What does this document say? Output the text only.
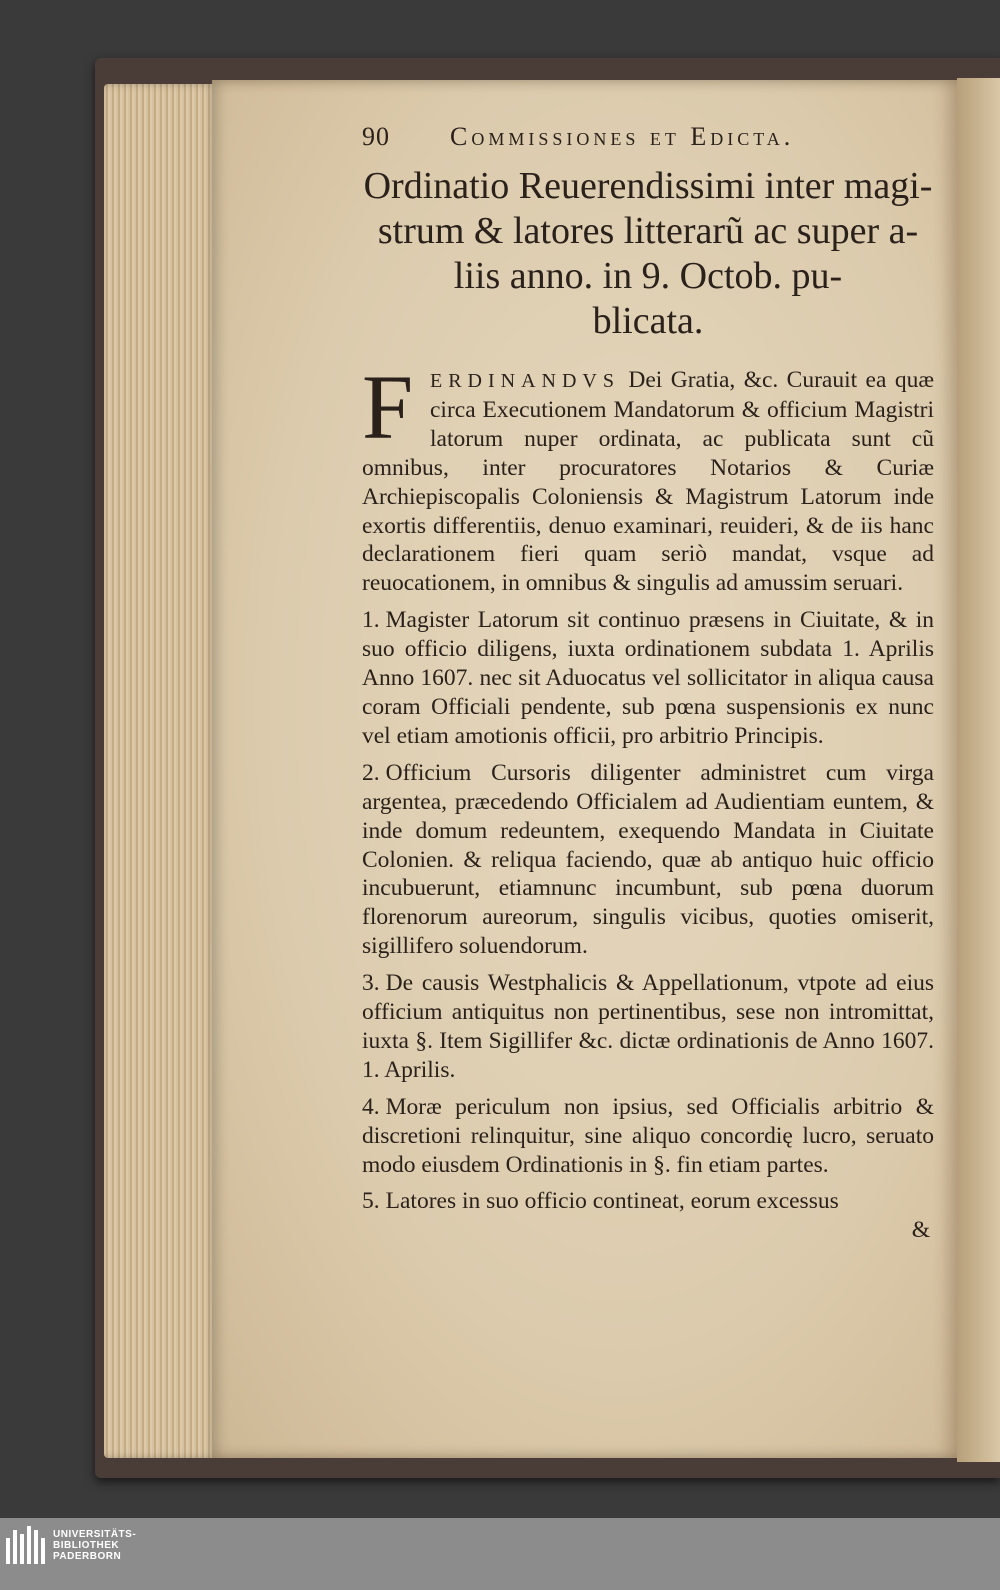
90	Commissiones et Edicta.
Ordinatio Reuerendissimi inter magi-
strum & latores litterarũ ac super a-
liis anno. in 9. Octob. pu-
blicata.

FERDINANDVS Dei Gratia, &c. Curauit ea quæ circa Executionem Mandatorum & officium Magistri latorum nuper ordinata, ac publicata sunt cũ omnibus, inter procuratores Notarios & Curiæ Archiepiscopalis Coloniensis & Magistrum Latorum inde exortis differentiis, denuo examinari, reuideri, & de iis hanc declarationem fieri quam seriò mandat, vsque ad reuocationem, in omnibus & singulis ad amussim seruari.

1. Magister Latorum sit continuo præsens in Ciuitate, & in suo officio diligens, iuxta ordinationem subdata 1. Aprilis Anno 1607. nec sit Aduocatus vel sollicitator in aliqua causa coram Officiali pendente, sub pœna suspensionis ex nunc vel etiam amotionis officii, pro arbitrio Principis.

2. Officium Cursoris diligenter administret cum virga argentea, præcedendo Officialem ad Audientiam euntem, & inde domum redeuntem, exequendo Mandata in Ciuitate Colonien. & reliqua faciendo, quæ ab antiquo huic officio incubuerunt, etiamnunc incumbunt, sub pœna duorum florenorum aureorum, singulis vicibus, quoties omiserit, sigillifero soluendorum.

3. De causis Westphalicis & Appellationum, vtpote ad eius officium antiquitus non pertinentibus, sese non intromittat, iuxta §. Item Sigillifer &c. dictæ ordinationis de Anno 1607. 1. Aprilis.

4. Moræ periculum non ipsius, sed Officialis arbitrio & discretioni relinquitur, sine aliquo concordię lucro, seruato modo eiusdem Ordinationis in §. fin etiam partes.

5. Latores in suo officio contineat, eorum excessus

&
UNIVERSITÄTS-
BIBLIOTHEK
PADERBORN
